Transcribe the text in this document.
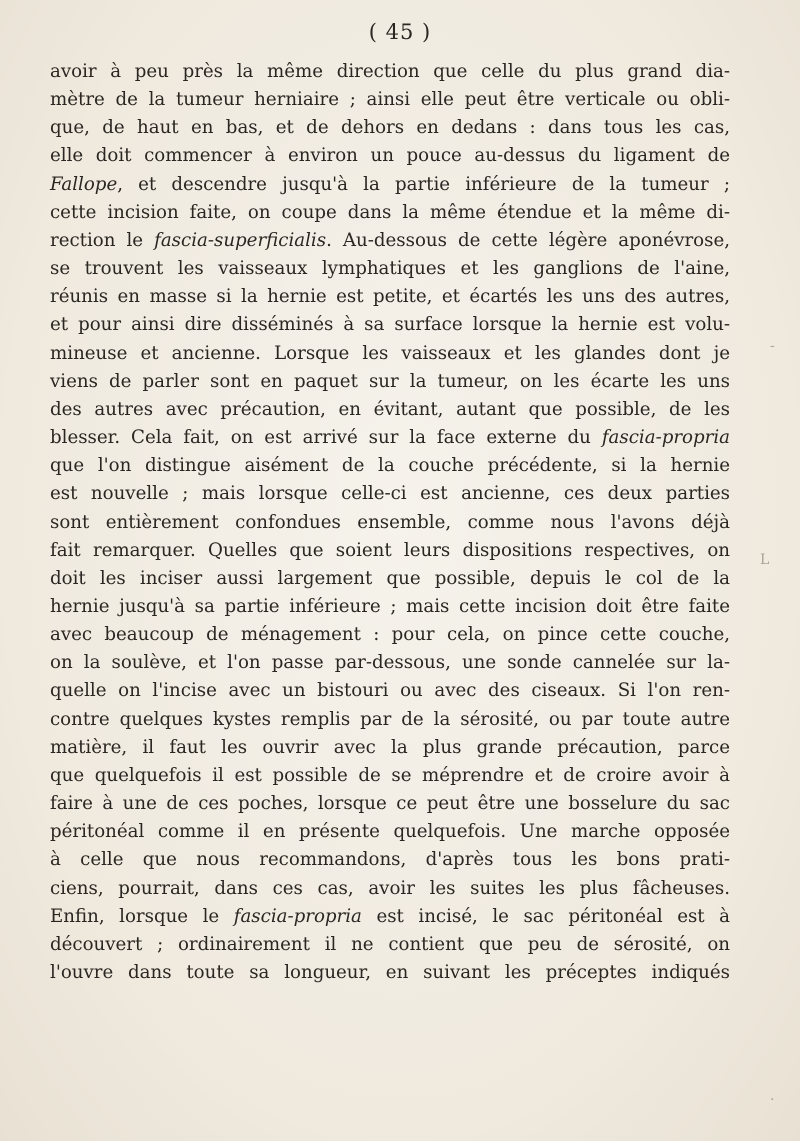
( 45 )
avoir à peu près la même direction que celle du plus grand dia-
mètre de la tumeur herniaire ; ainsi elle peut être verticale ou obli-
que, de haut en bas, et de dehors en dedans : dans tous les cas,
elle doit commencer à environ un pouce au-dessus du ligament de
Fallope, et descendre jusqu'à la partie inférieure de la tumeur ;
cette incision faite, on coupe dans la même étendue et la même di-
rection le fascia-superficialis. Au-dessous de cette légère aponévrose,
se trouvent les vaisseaux lymphatiques et les ganglions de l'aine,
réunis en masse si la hernie est petite, et écartés les uns des autres,
et pour ainsi dire disséminés à sa surface lorsque la hernie est volu-
mineuse et ancienne. Lorsque les vaisseaux et les glandes dont je
viens de parler sont en paquet sur la tumeur, on les écarte les uns
des autres avec précaution, en évitant, autant que possible, de les
blesser. Cela fait, on est arrivé sur la face externe du fascia-propria
que l'on distingue aisément de la couche précédente, si la hernie
est nouvelle ; mais lorsque celle-ci est ancienne, ces deux parties
sont entièrement confondues ensemble, comme nous l'avons déjà
fait remarquer. Quelles que soient leurs dispositions respectives, on
doit les inciser aussi largement que possible, depuis le col de la
hernie jusqu'à sa partie inférieure ; mais cette incision doit être faite
avec beaucoup de ménagement : pour cela, on pince cette couche,
on la soulève, et l'on passe par-dessous, une sonde cannelée sur la-
quelle on l'incise avec un bistouri ou avec des ciseaux. Si l'on ren-
contre quelques kystes remplis par de la sérosité, ou par toute autre
matière, il faut les ouvrir avec la plus grande précaution, parce
que quelquefois il est possible de se méprendre et de croire avoir à
faire à une de ces poches, lorsque ce peut être une bosselure du sac
péritonéal comme il en présente quelquefois. Une marche opposée
à celle que nous recommandons, d'après tous les bons prati-
ciens, pourrait, dans ces cas, avoir les suites les plus fâcheuses.
Enfin, lorsque le fascia-propria est incisé, le sac péritonéal est à
découvert ; ordinairement il ne contient que peu de sérosité, on
l'ouvre dans toute sa longueur, en suivant les préceptes indiqués
‑
L
.
